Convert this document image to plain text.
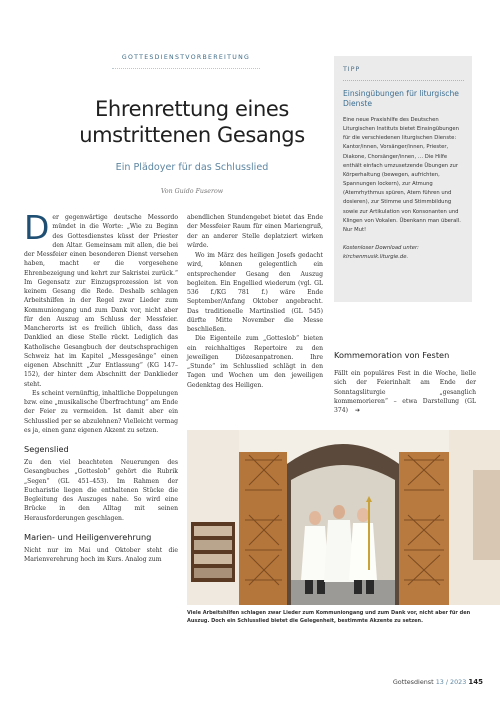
GOTTESDIENSTVORBEREITUNG
Ehrenrettung eines
umstrittenen Gesangs
Ein Plädoyer für das Schlusslied
Von Guido Fuserow

D er gegenwärtige deutsche Messordo mündet in die Worte: „Wie zu Beginn des Gottesdienstes küsst der Priester den Altar. Gemeinsam mit allen, die bei der Messfeier einen besonderen Dienst versehen haben, macht er die vorgesehene Ehrenbezeigung und kehrt zur Sakristei zurück.“ Im Gegensatz zur Einzugsprozession ist von keinem Gesang die Rede. Deshalb schlagen Arbeitshilfen in der Regel zwar Lieder zum Kommuniongang und zum Dank vor, nicht aber für den Auszug am Schluss der Messfeier. Mancherorts ist es freilich üblich, dass das Danklied an diese Stelle rückt. Lediglich das Katholische Gesangbuch der deutschsprachigen Schweiz hat im Kapitel „Messgesänge“ einen eigenen Abschnitt „Zur Entlassung“ (KG 147–152), der hinter dem Abschnitt der Danklieder steht.

Es scheint vernünftig, inhaltliche Doppelungen bzw. eine „musikalische Überfrachtung“ am Ende der Feier zu vermeiden. Ist damit aber ein Schlusslied per se abzulehnen? Vielleicht vermag es ja, einen ganz eigenen Akzent zu setzen.

Segenslied

Zu den viel beachteten Neuerungen des Gesangbuches „Gotteslob“ gehört die Rubrik „Segen“ (GL 451–453). Im Rahmen der Eucharistie liegen die enthaltenen Stücke die Begleitung des Auszuges nahe. So wird eine Brücke in den Alltag mit seinen Herausforderungen geschlagen.

Marien- und Heiligenverehrung

Nicht nur im Mai und Oktober steht die Marienverehrung hoch im Kurs. Analog zum

abendlichen Stundengebet bietet das Ende der Messfeier Raum für einen Mariengruß, der an anderer Stelle deplatziert wirken würde.

Wo im März des heiligen Josefs gedacht wird, können gelegentlich ein entsprechender Gesang den Auszug begleiten. Ein Engellied wiederum (vgl. GL 536 f./KG 781 f.) wäre Ende September/Anfang Oktober angebracht. Das traditionelle Martinslied (GL 545) dürfte Mitte November die Messe beschließen.

Die Eigenteile zum „Gotteslob“ bieten ein reichhaltiges Repertoire zu den jeweiligen Diözesanpatronen. Ihre „Stunde“ im Schlusslied schlägt in den Tagen und Wochen um den jeweiligen Gedenktag des Heiligen.

TIPP
Einsingübungen für liturgische Dienste
Eine neue Praxishilfe des Deutschen Liturgischen Instituts bietet Einsingübungen für die verschiedenen liturgischen Dienste: Kantor/innen, Vorsänger/innen, Priester, Diakone, Chorsänger/innen, … Die Hilfe enthält einfach umzusetzende Übungen zur Körperhaltung (bewegen, aufrichten, Spannungen lockern), zur Atmung (Atemrhythmus spüren, Atem führen und dosieren), zur Stimme und Stimmbildung sowie zur Artikulation von Konsonanten und Klingen von Vokalen. Übenkann man überall. Nur Mut!
Kostenloser Download unter: kirchenmusik.liturgie.de.
Kommemoration von Festen
Fällt ein populäres Fest in die Woche, lielle sich der Feierinhalt am Ende der Sonntagsliturgie „gesanglich kommemorieren“ – etwa Darstellung (GL 374) ➔
Viele Arbeitshilfen schlagen zwar Lieder zum Kommuniongang und zum Dank vor, nicht aber für den Auszug. Doch ein Schlusslied bietet die Gelegenheit, bestimmte Akzente zu setzen.
Gottesdienst 13 / 2023 145
